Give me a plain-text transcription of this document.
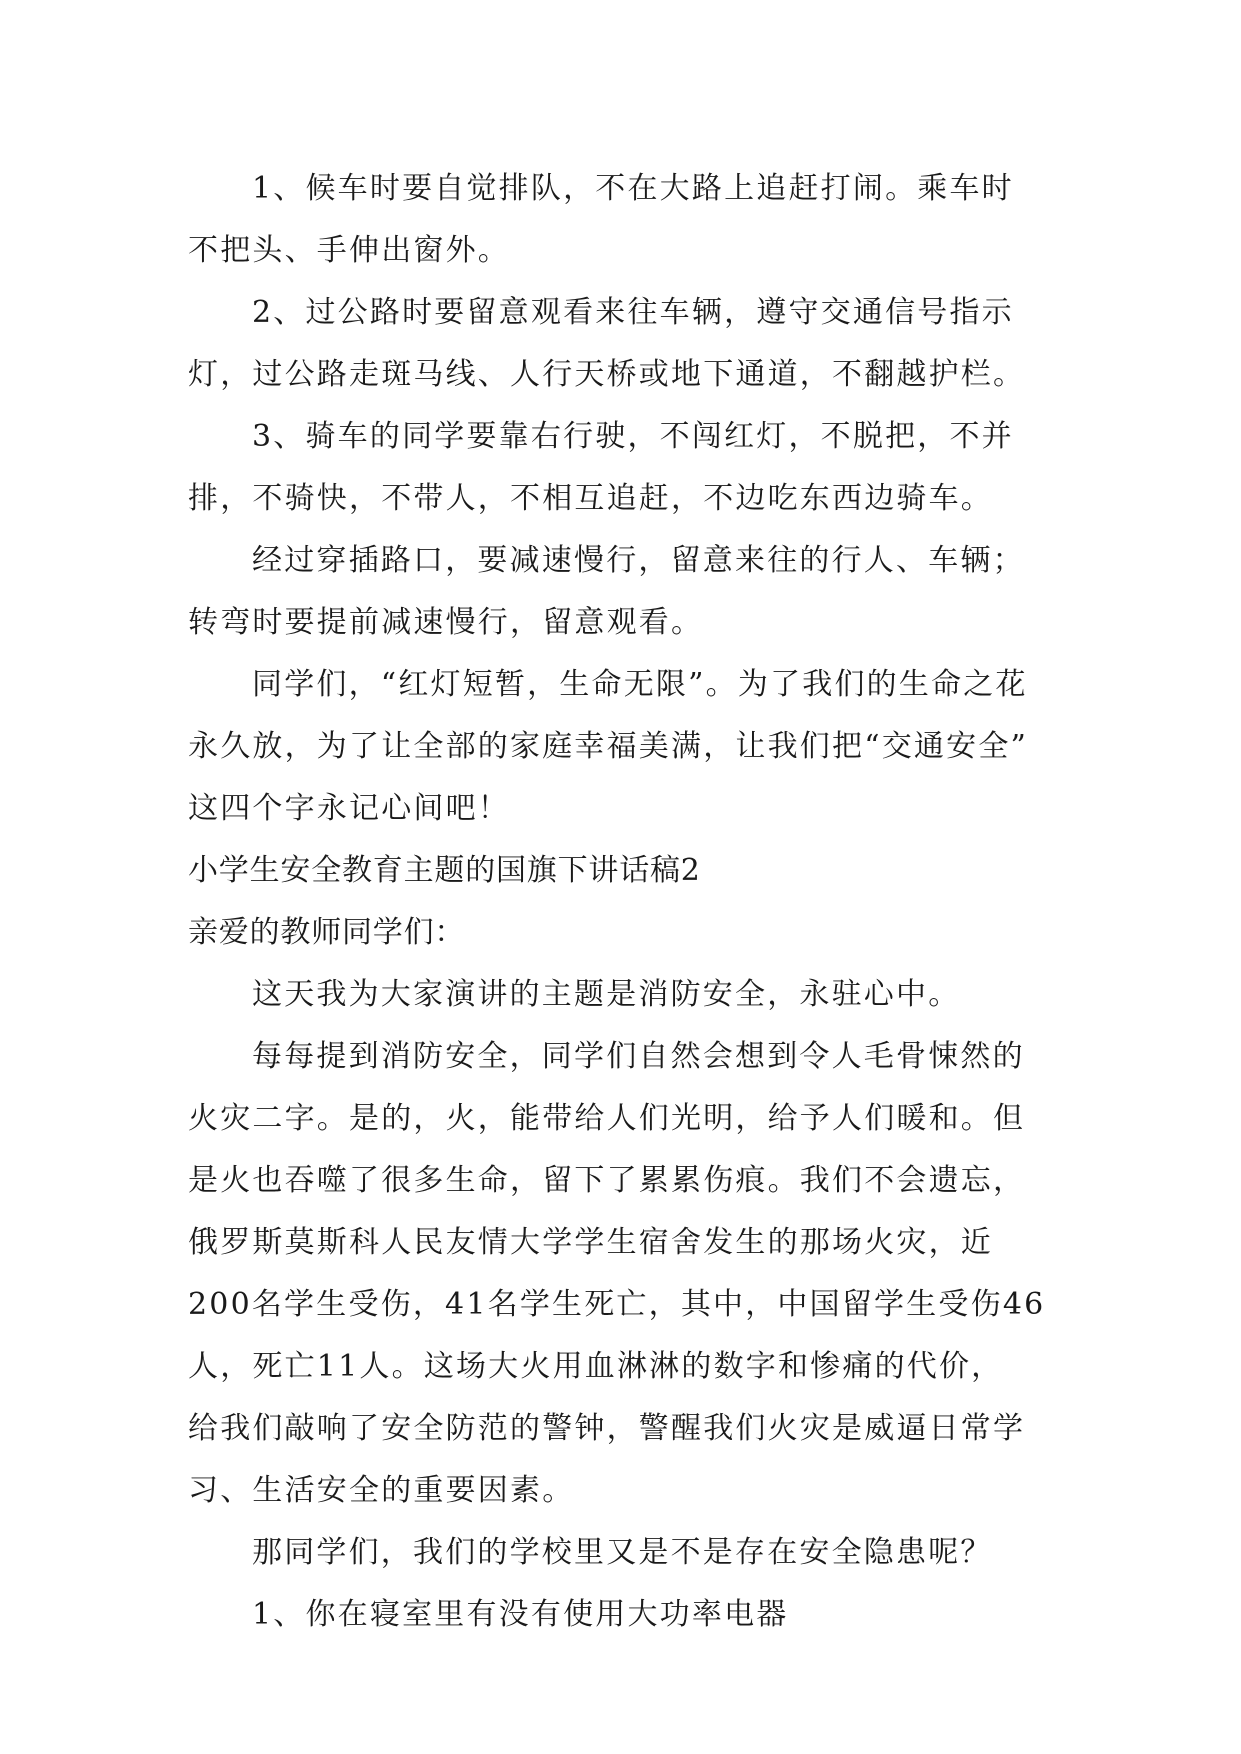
1、候车时要自觉排队，不在大路上追赶打闹。乘车时
不把头、手伸出窗外。
2、过公路时要留意观看来往车辆，遵守交通信号指示
灯，过公路走斑马线、人行天桥或地下通道，不翻越护栏。
3、骑车的同学要靠右行驶，不闯红灯，不脱把，不并
排，不骑快，不带人，不相互追赶，不边吃东西边骑车。
经过穿插路口，要减速慢行，留意来往的行人、车辆；
转弯时要提前减速慢行，留意观看。
同学们，“红灯短暂，生命无限”。为了我们的生命之花
永久放，为了让全部的家庭幸福美满，让我们把“交通安全”
这四个字永记心间吧！
小学生安全教育主题的国旗下讲话稿2
亲爱的教师同学们：
这天我为大家演讲的主题是消防安全，永驻心中。
每每提到消防安全，同学们自然会想到令人毛骨悚然的
火灾二字。是的，火，能带给人们光明，给予人们暖和。但
是火也吞噬了很多生命，留下了累累伤痕。我们不会遗忘，
俄罗斯莫斯科人民友情大学学生宿舍发生的那场火灾，近
200名学生受伤，41名学生死亡，其中，中国留学生受伤46
人，死亡11人。这场大火用血淋淋的数字和惨痛的代价，
给我们敲响了安全防范的警钟，警醒我们火灾是威逼日常学
习、生活安全的重要因素。
那同学们，我们的学校里又是不是存在安全隐患呢？
1、你在寝室里有没有使用大功率电器
